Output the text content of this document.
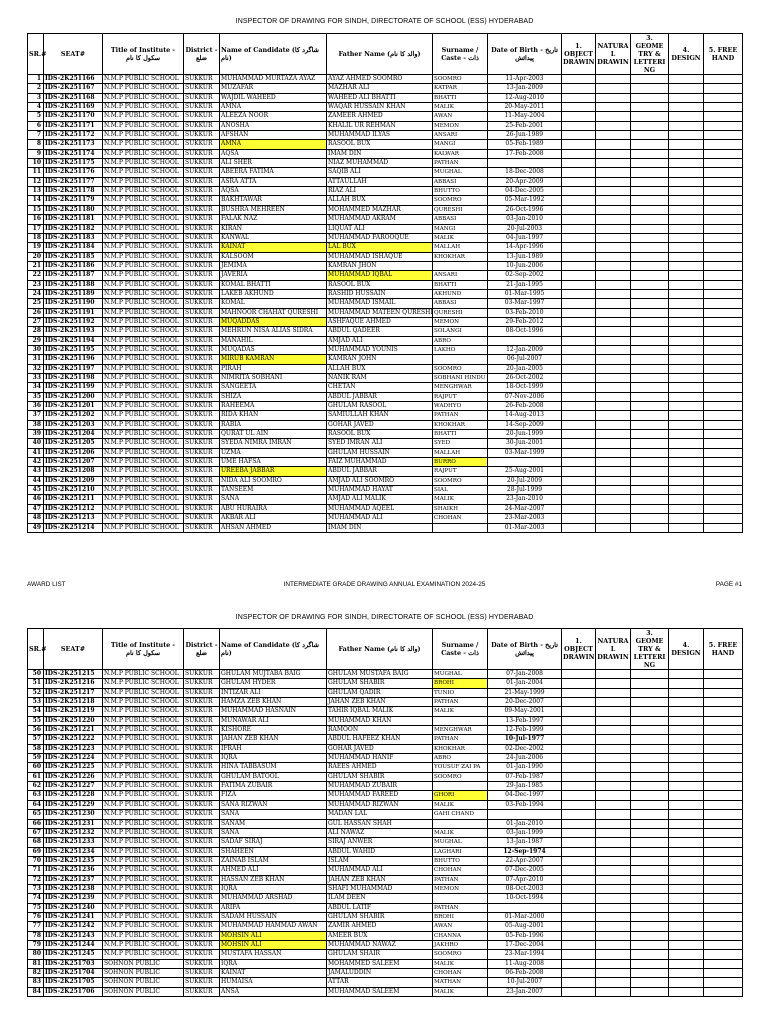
INSPECTOR OF DRAWING FOR SINDH, DIRECTORATE OF SCHOOL (ESS) HYDERABAD
SR.#	SEAT#	Title of Institute - سکول کا نام	District - ضلع	Name of Candidate (شاگرد کا نام)	Father Name (والد کا نام)	Surname / Caste - ذات	Date of Birth - تاریخ پیدائش	1. OBJECT DRAWIN	NATURA L DRAWIN	3. GEOME TRY & LETTERI NG	4. DESIGN	5. FREE HAND
1	IDS-2K251166	N.M.P PUBLIC SCHOOL	SUKKUR	MUHAMMAD MURTAZA AYAZ	AYAZ AHMED SOOMRO	SOOMRO	11-Apr-2003					
2	IDS-2K251167	N.M.P PUBLIC SCHOOL	SUKKUR	MUZAFAR	MAZHAR ALI	KATPAR	13-Jan-2009					
3	IDS-2K251168	N.M.P PUBLIC SCHOOL	SUKKUR	WAJDIL WAHEED	WAHEED ALI BHATTI	BHATTI	12-Aug-2010					
4	IDS-2K251169	N.M.P PUBLIC SCHOOL	SUKKUR	AMNA	WAQAR HUSSAIN KHAN	MALIK	20-May-2011					
5	IDS-2K251170	N.M.P PUBLIC SCHOOL	SUKKUR	ALEEZA NOOR	ZAMEER AHMED	AWAN	11-May-2004					
6	IDS-2K251171	N.M.P PUBLIC SCHOOL	SUKKUR	ANOSHA	KHALIL UR REHMAN	MEMON	25-Feb-2001					
7	IDS-2K251172	N.M.P PUBLIC SCHOOL	SUKKUR	AFSHAN	MUHAMMAD ILYAS	ANSARI	26-Jun-1989					
8	IDS-2K251173	N.M.P PUBLIC SCHOOL	SUKKUR	AMNA	RASOOL BUX	MANGI	05-Feb-1989					
9	IDS-2K251174	N.M.P PUBLIC SCHOOL	SUKKUR	AQSA	IMAM DIN	KALWAR	17-Feb-2008					
10	IDS-2K251175	N.M.P PUBLIC SCHOOL	SUKKUR	ALI SHER	NIAZ MUHAMMAD	PATHAN						
11	IDS-2K251176	N.M.P PUBLIC SCHOOL	SUKKUR	ABEERA FATIMA	SAQIB ALI	MUGHAL	18-Dec-2008					
12	IDS-2K251177	N.M.P PUBLIC SCHOOL	SUKKUR	ASRA ATTA	ATTAULLAH	ABBASI	20-Apr-2009					
13	IDS-2K251178	N.M.P PUBLIC SCHOOL	SUKKUR	AQSA	RIAZ ALI	BHUTTO	04-Dec-2005					
14	IDS-2K251179	N.M.P PUBLIC SCHOOL	SUKKUR	BAKHTAWAR	ALLAH BUX	SOOMRO	05-Mar-1992					
15	IDS-2K251180	N.M.P PUBLIC SCHOOL	SUKKUR	BUSHRA MEHREEN	MOHAMMED MAZHAR	QURESHI	26-Oct-1996					
16	IDS-2K251181	N.M.P PUBLIC SCHOOL	SUKKUR	FALAK NAZ	MUHAMMAD AKRAM	ABBASI	03-Jan-2010					
17	IDS-2K251182	N.M.P PUBLIC SCHOOL	SUKKUR	KIRAN	LIQUAT ALI	MANGI	20-Jul-2003					
18	IDS-2K251183	N.M.P PUBLIC SCHOOL	SUKKUR	KANWAL	MUHAMMAD FAROOQUE	MALIK	04-Jun-1997					
19	IDS-2K251184	N.M.P PUBLIC SCHOOL	SUKKUR	KAINAT	LAL BUX	MALLAH	14-Apr-1996					
20	IDS-2K251185	N.M.P PUBLIC SCHOOL	SUKKUR	KALSOOM	MUHAMMAD ISHAQUE	KHOKHAR	13-Jun-1989					
21	IDS-2K251186	N.M.P PUBLIC SCHOOL	SUKKUR	JEMIMA	KAMRAN JHON		10-Jun-2006					
22	IDS-2K251187	N.M.P PUBLIC SCHOOL	SUKKUR	JAVERIA	MUHAMMAD IQBAL	ANSARI	02-Sep-2002					
23	IDS-2K251188	N.M.P PUBLIC SCHOOL	SUKKUR	KOMAL BHATTI	RASOOL BUX	BHATTI	21-Jan-1995					
24	IDS-2K251189	N.M.P PUBLIC SCHOOL	SUKKUR	LAKEB AKHUND	RASHID HUSSAIN	AKHUND	01-Mar-1995					
25	IDS-2K251190	N.M.P PUBLIC SCHOOL	SUKKUR	KOMAL	MUHAMMAD ISMAIL	ABBASI	03-Mar-1997					
26	IDS-2K251191	N.M.P PUBLIC SCHOOL	SUKKUR	MAHNOOR CHAHAT QURESHI	MUHAMMAD MATEEN QURESHI	QURESHI	03-Feb-2010					
27	IDS-2K251192	N.M.P PUBLIC SCHOOL	SUKKUR	MUQADDAS	ASHFAQUE AHMED	MEMON	29-Feb-2012					
28	IDS-2K251193	N.M.P PUBLIC SCHOOL	SUKKUR	MEHRUN NISA ALIAS SIDRA	ABDUL QADEER	SOLANGI	08-Oct-1996					
29	IDS-2K251194	N.M.P PUBLIC SCHOOL	SUKKUR	MANAHIL	AMJAD ALI	ABRO						
30	IDS-2K251195	N.M.P PUBLIC SCHOOL	SUKKUR	MUQADAS	MUHAMMAD YOUNIS	LAKHO	12-Jan-2009					
31	IDS-2K251196	N.M.P PUBLIC SCHOOL	SUKKUR	MIRUB KAMRAN	KAMRAN JOHN		06-Jul-2007					
32	IDS-2K251197	N.M.P PUBLIC SCHOOL	SUKKUR	PIRAH	ALLAH BUX	SOOMRO	20-Jan-2005					
33	IDS-2K251198	N.M.P PUBLIC SCHOOL	SUKKUR	NIMRITA SOBHANI	NANIK RAM	SOBHANI HINDU	26-Oct-2002					
34	IDS-2K251199	N.M.P PUBLIC SCHOOL	SUKKUR	SANGEETA	CHETAN	MENGHWAR	18-Oct-1999					
35	IDS-2K251200	N.M.P PUBLIC SCHOOL	SUKKUR	SHIZA	ABDUL JABBAR	RAJPUT	07-Nov-2006					
36	IDS-2K251201	N.M.P PUBLIC SCHOOL	SUKKUR	RAHEEMA	GHULAM RASOOL	WADHYO	26-Feb-2008					
37	IDS-2K251202	N.M.P PUBLIC SCHOOL	SUKKUR	RIDA KHAN	SAMIULLAH KHAN	PATHAN	14-Aug-2013					
38	IDS-2K251203	N.M.P PUBLIC SCHOOL	SUKKUR	RABIA	GOHAR JAVED	KHOKHAR	14-Sep-2009					
39	IDS-2K251204	N.M.P PUBLIC SCHOOL	SUKKUR	QURAT UL AIN	RASOOL BUX	BHATTI	20-Jun-1999					
40	IDS-2K251205	N.M.P PUBLIC SCHOOL	SUKKUR	SYEDA NIMRA IMRAN	SYED IMRAN ALI	SYED	30-Jun-2001					
41	IDS-2K251206	N.M.P PUBLIC SCHOOL	SUKKUR	UZMA	GHULAM HUSSAIN	MALLAH	03-Mar-1999					
42	IDS-2K251207	N.M.P PUBLIC SCHOOL	SUKKUR	UME HAFSA	FAIZ MUHAMMAD	BURRO						
43	IDS-2K251208	N.M.P PUBLIC SCHOOL	SUKKUR	UREEBA JABBAR	ABDUL JABBAR	RAJPUT	25-Aug-2001					
44	IDS-2K251209	N.M.P PUBLIC SCHOOL	SUKKUR	NIDA ALI SOOMRO	AMJAD ALI SOOMRO	SOOMRO	20-Jul-2009					
45	IDS-2K251210	N.M.P PUBLIC SCHOOL	SUKKUR	TANSEEM	MUHAMMAD HAYAT	SIAL	28-Jul-1999					
46	IDS-2K251211	N.M.P PUBLIC SCHOOL	SUKKUR	SANA	AMJAD ALI MALIK	MALIK	23-Jan-2010					
47	IDS-2K251212	N.M.P PUBLIC SCHOOL	SUKKUR	ABU HURAIRA	MUHAMMAD AQEEL	SHAIKH	24-Mar-2007					
48	IDS-2K251213	N.M.P PUBLIC SCHOOL	SUKKUR	AKBAR ALI	MUHAMMAD ALI	CHOHAN	23-Mar-2003					
49	IDS-2K251214	N.M.P PUBLIC SCHOOL	SUKKUR	AHSAN AHMED	IMAM DIN		01-Mar-2003					
AWARD LIST	INTERMEDIATE GRADE DRAWING ANNUAL EXAMINATION 2024-25	PAGE #1
INSPECTOR OF DRAWING FOR SINDH, DIRECTORATE OF SCHOOL (ESS) HYDERABAD
SR.#	SEAT#	Title of Institute - سکول کا نام	District - ضلع	Name of Candidate (شاگرد کا نام)	Father Name (والد کا نام)	Surname / Caste - ذات	Date of Birth - تاریخ پیدائش	1. OBJECT DRAWIN	NATURA L DRAWIN	3. GEOME TRY & LETTERI NG	4. DESIGN	5. FREE HAND
50	IDS-2K251215	N.M.P PUBLIC SCHOOL	SUKKUR	GHULAM MUJTABA BAIG	GHULAM MUSTAFA BAIG	MUGHAL	07-Jan-2008					
51	IDS-2K251216	N.M.P PUBLIC SCHOOL	SUKKUR	GHULAM HYDER	GHULAM SHABIR	BROHI	01-Jan-2004					
52	IDS-2K251217	N.M.P PUBLIC SCHOOL	SUKKUR	INTIZAR ALI	GHULAM QADIR	TUNIO	21-May-1999					
53	IDS-2K251218	N.M.P PUBLIC SCHOOL	SUKKUR	HAMZA ZEB KHAN	JAHAN ZEB KHAN	PATHAN	20-Dec-2007					
54	IDS-2K251219	N.M.P PUBLIC SCHOOL	SUKKUR	MUHAMMAD HASNAIN	TAHIR IQBAL MALIK	MALIK	09-May-2001					
55	IDS-2K251220	N.M.P PUBLIC SCHOOL	SUKKUR	MUNAWAR ALI	MUHAMMAD KHAN		13-Feb-1997					
56	IDS-2K251221	N.M.P PUBLIC SCHOOL	SUKKUR	KISHORE	RAMOON	MENGHWAR	12-Feb-1999					
57	IDS-2K251222	N.M.P PUBLIC SCHOOL	SUKKUR	JAHAN ZEB KHAN	ABDUL HAFEEZ KHAN	PATHAN	10-Jul-1977					
58	IDS-2K251223	N.M.P PUBLIC SCHOOL	SUKKUR	IFRAH	GOHAR JAVED	KHOKHAR	02-Dec-2002					
59	IDS-2K251224	N.M.P PUBLIC SCHOOL	SUKKUR	IQRA	MUHAMMAD HANIF	ABRO	24-Jun-2006					
60	IDS-2K251225	N.M.P PUBLIC SCHOOL	SUKKUR	HINA TABBASUM	RAEES AHMED	YOUSUF ZAI PA	01-Jan-1990					
61	IDS-2K251226	N.M.P PUBLIC SCHOOL	SUKKUR	GHULAM BATOOL	GHULAM SHABIR	SOOMRO	07-Feb-1987					
62	IDS-2K251227	N.M.P PUBLIC SCHOOL	SUKKUR	FATIMA ZUBAIR	MUHAMMAD ZUBAIR		29-Jan-1985					
63	IDS-2K251228	N.M.P PUBLIC SCHOOL	SUKKUR	FIZA	MUHAMMAD FAREED	GHORI	04-Dec-1997					
64	IDS-2K251229	N.M.P PUBLIC SCHOOL	SUKKUR	SANA RIZWAN	MUHAMMAD RIZWAN	MALIK	03-Feb-1994					
65	IDS-2K251230	N.M.P PUBLIC SCHOOL	SUKKUR	SANA	MADAN LAL	GAHI CHAND						
66	IDS-2K251231	N.M.P PUBLIC SCHOOL	SUKKUR	SANAM	GUL HASSAN SHAH		01-Jan-2010					
67	IDS-2K251232	N.M.P PUBLIC SCHOOL	SUKKUR	SANA	ALI NAWAZ	MALIK	03-Jan-1999					
68	IDS-2K251233	N.M.P PUBLIC SCHOOL	SUKKUR	SADAF SIRAJ	SIRAJ ANWER	MUGHAL	13-Jan-1987					
69	IDS-2K251234	N.M.P PUBLIC SCHOOL	SUKKUR	SHAHEEN	ABDUL WAHID	LAGHARI	12-Sep-1974					
70	IDS-2K251235	N.M.P PUBLIC SCHOOL	SUKKUR	ZAINAB ISLAM	ISLAM	BHUTTO	22-Apr-2007					
71	IDS-2K251236	N.M.P PUBLIC SCHOOL	SUKKUR	AHMED ALI	MUHAMMAD ALI	CHOHAN	07-Dec-2005					
72	IDS-2K251237	N.M.P PUBLIC SCHOOL	SUKKUR	HASSAN ZEB KHAN	JAHAN ZEB KHAN	PATHAN	07-Apr-2010					
73	IDS-2K251238	N.M.P PUBLIC SCHOOL	SUKKUR	IQRA	SHAFI MUHAMMAD	MEMON	08-Oct-2003					
74	IDS-2K251239	N.M.P PUBLIC SCHOOL	SUKKUR	MUHAMMAD ARSHAD	ILAM DEEN		10-Oct-1994					
75	IDS-2K251240	N.M.P PUBLIC SCHOOL	SUKKUR	ARIFA	ABDUL LATIF	PATHAN						
76	IDS-2K251241	N.M.P PUBLIC SCHOOL	SUKKUR	SADAM HUSSAIN	GHULAM SHABIR	BROHI	01-Mar-2000					
77	IDS-2K251242	N.M.P PUBLIC SCHOOL	SUKKUR	MUHAMMAD HAMMAD AWAN	ZAMIR AHMED	AWAN	05-Aug-2001					
78	IDS-2K251243	N.M.P PUBLIC SCHOOL	SUKKUR	MOHSIN ALI	AMEER BUX	CHANNA	05-Feb-1996					
79	IDS-2K251244	N.M.P PUBLIC SCHOOL	SUKKUR	MOHSIN ALI	MUHAMMAD NAWAZ	JAKHRO	17-Dec-2004					
80	IDS-2K251245	N.M.P PUBLIC SCHOOL	SUKKUR	MUSTAFA HASSAN	GHULAM SHAIR	SOOMRO	23-Mar-1994					
81	IDS-2K251703	SOHNON PUBLIC	SUKKUR	IQRA	MOHAMMED SALEEM	MALIK	11-Aug-2008					
82	IDS-2K251704	SOHNON PUBLIC	SUKKUR	KAINAT	JAMALUDDIN	CHOHAN	06-Feb-2008					
83	IDS-2K251705	SOHNON PUBLIC	SUKKUR	HUMAISA	ATTAR	MATHAN	10-Jul-2007					
84	IDS-2K251706	SOHNON PUBLIC	SUKKUR	ANSA	MUHAMMAD SALEEM	MALIK	23-Jan-2007					
